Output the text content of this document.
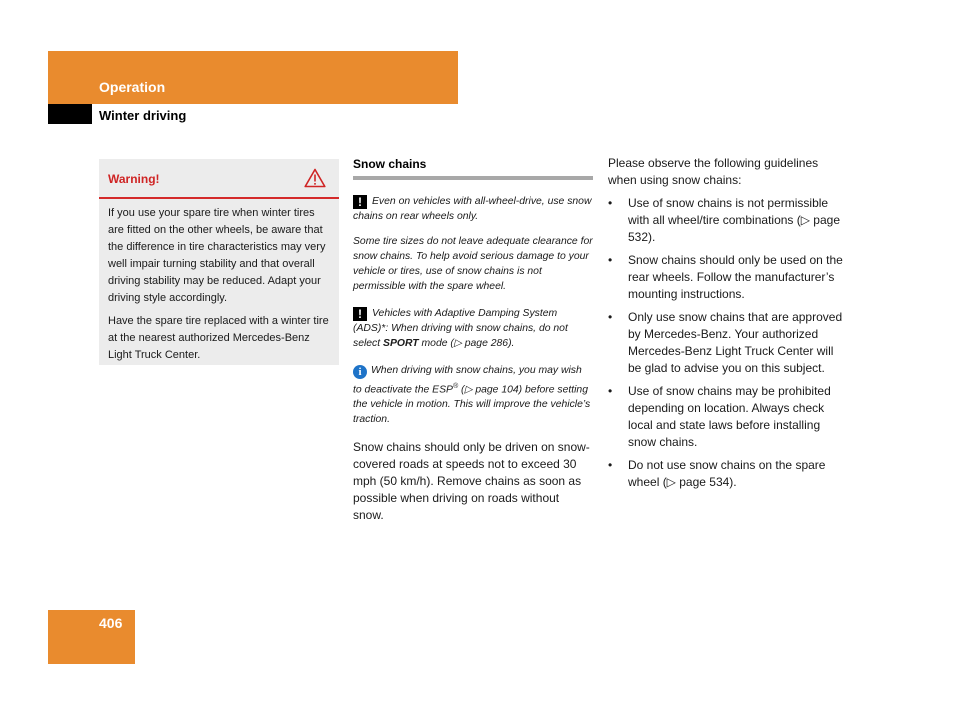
Operation
Winter driving
Warning!

If you use your spare tire when winter tires are fitted on the other wheels, be aware that the difference in tire characteristics may very well impair turning stability and that overall driving stability may be reduced. Adapt your driving style accordingly.

Have the spare tire replaced with a winter tire at the nearest authorized Mercedes-Benz Light Truck Center.

Snow chains

! Even on vehicles with all-wheel-drive, use snow chains on rear wheels only.

Some tire sizes do not leave adequate clearance for snow chains. To help avoid serious damage to your vehicle or tires, use of snow chains is not permissible with the spare wheel.

! Vehicles with Adaptive Damping System (ADS)*: When driving with snow chains, do not select SPORT mode (▷ page 286).

i When driving with snow chains, you may wish to deactivate the ESP® (▷ page 104) before setting the vehicle in motion. This will improve the vehicle’s traction.

Snow chains should only be driven on snow-covered roads at speeds not to exceed 30 mph (50 km/h). Remove chains as soon as possible when driving on roads without snow.

Please observe the following guidelines when using snow chains:

• Use of snow chains is not permissible with all wheel/tire combinations (▷ page 532).
• Snow chains should only be used on the rear wheels. Follow the manufacturer’s mounting instructions.
• Only use snow chains that are approved by Mercedes-Benz. Your authorized Mercedes-Benz Light Truck Center will be glad to advise you on this subject.
• Use of snow chains may be prohibited depending on location. Always check local and state laws before installing snow chains.
• Do not use snow chains on the spare wheel (▷ page 534).
406
